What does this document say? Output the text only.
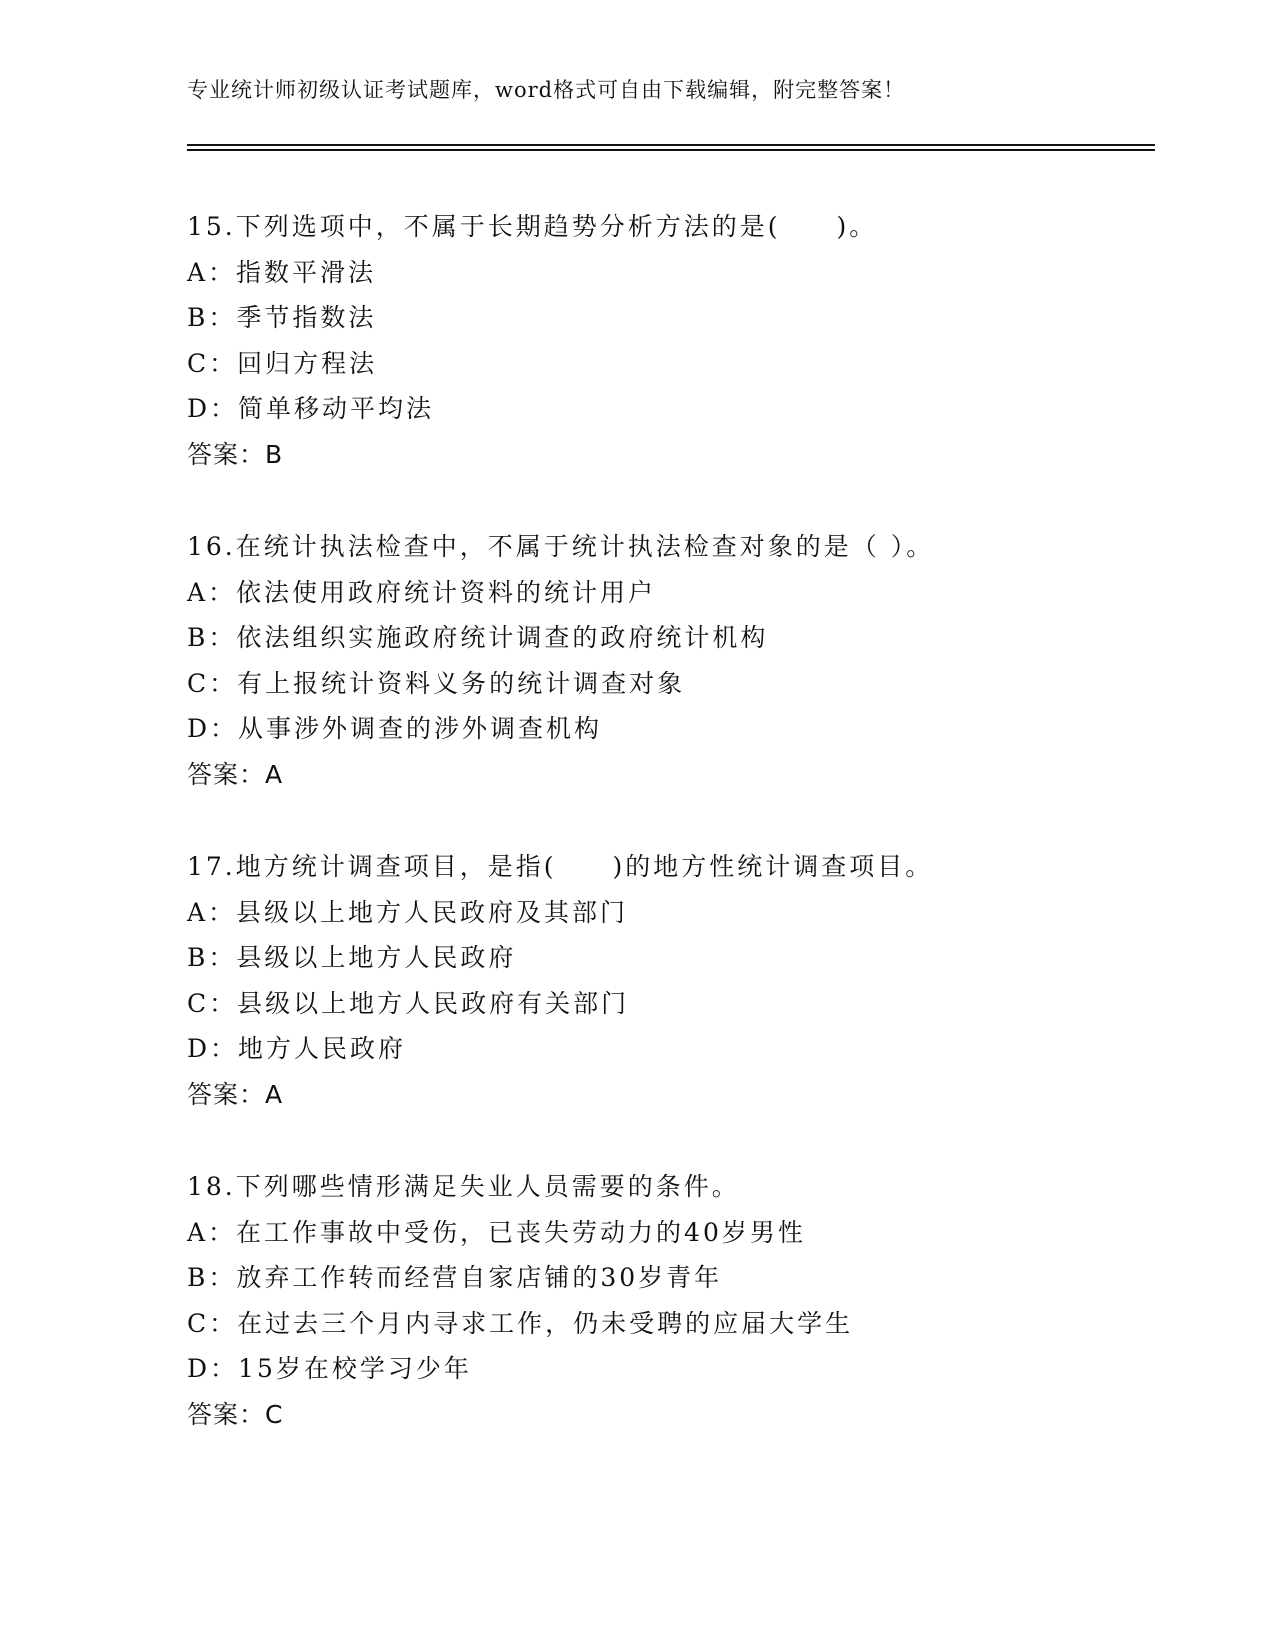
专业统计师初级认证考试题库，word格式可自由下载编辑，附完整答案！
15.下列选项中，不属于长期趋势分析方法的是(　　)。
A：指数平滑法
B：季节指数法
C：回归方程法
D：简单移动平均法
答案：B
16.在统计执法检查中，不属于统计执法检查对象的是（ ）。
A：依法使用政府统计资料的统计用户
B：依法组织实施政府统计调查的政府统计机构
C：有上报统计资料义务的统计调查对象
D：从事涉外调查的涉外调查机构
答案：A
17.地方统计调查项目，是指(　　)的地方性统计调查项目。
A：县级以上地方人民政府及其部门
B：县级以上地方人民政府
C：县级以上地方人民政府有关部门
D：地方人民政府
答案：A
18.下列哪些情形满足失业人员需要的条件。
A：在工作事故中受伤，已丧失劳动力的40岁男性
B：放弃工作转而经营自家店铺的30岁青年
C：在过去三个月内寻求工作，仍未受聘的应届大学生
D：15岁在校学习少年
答案：C
